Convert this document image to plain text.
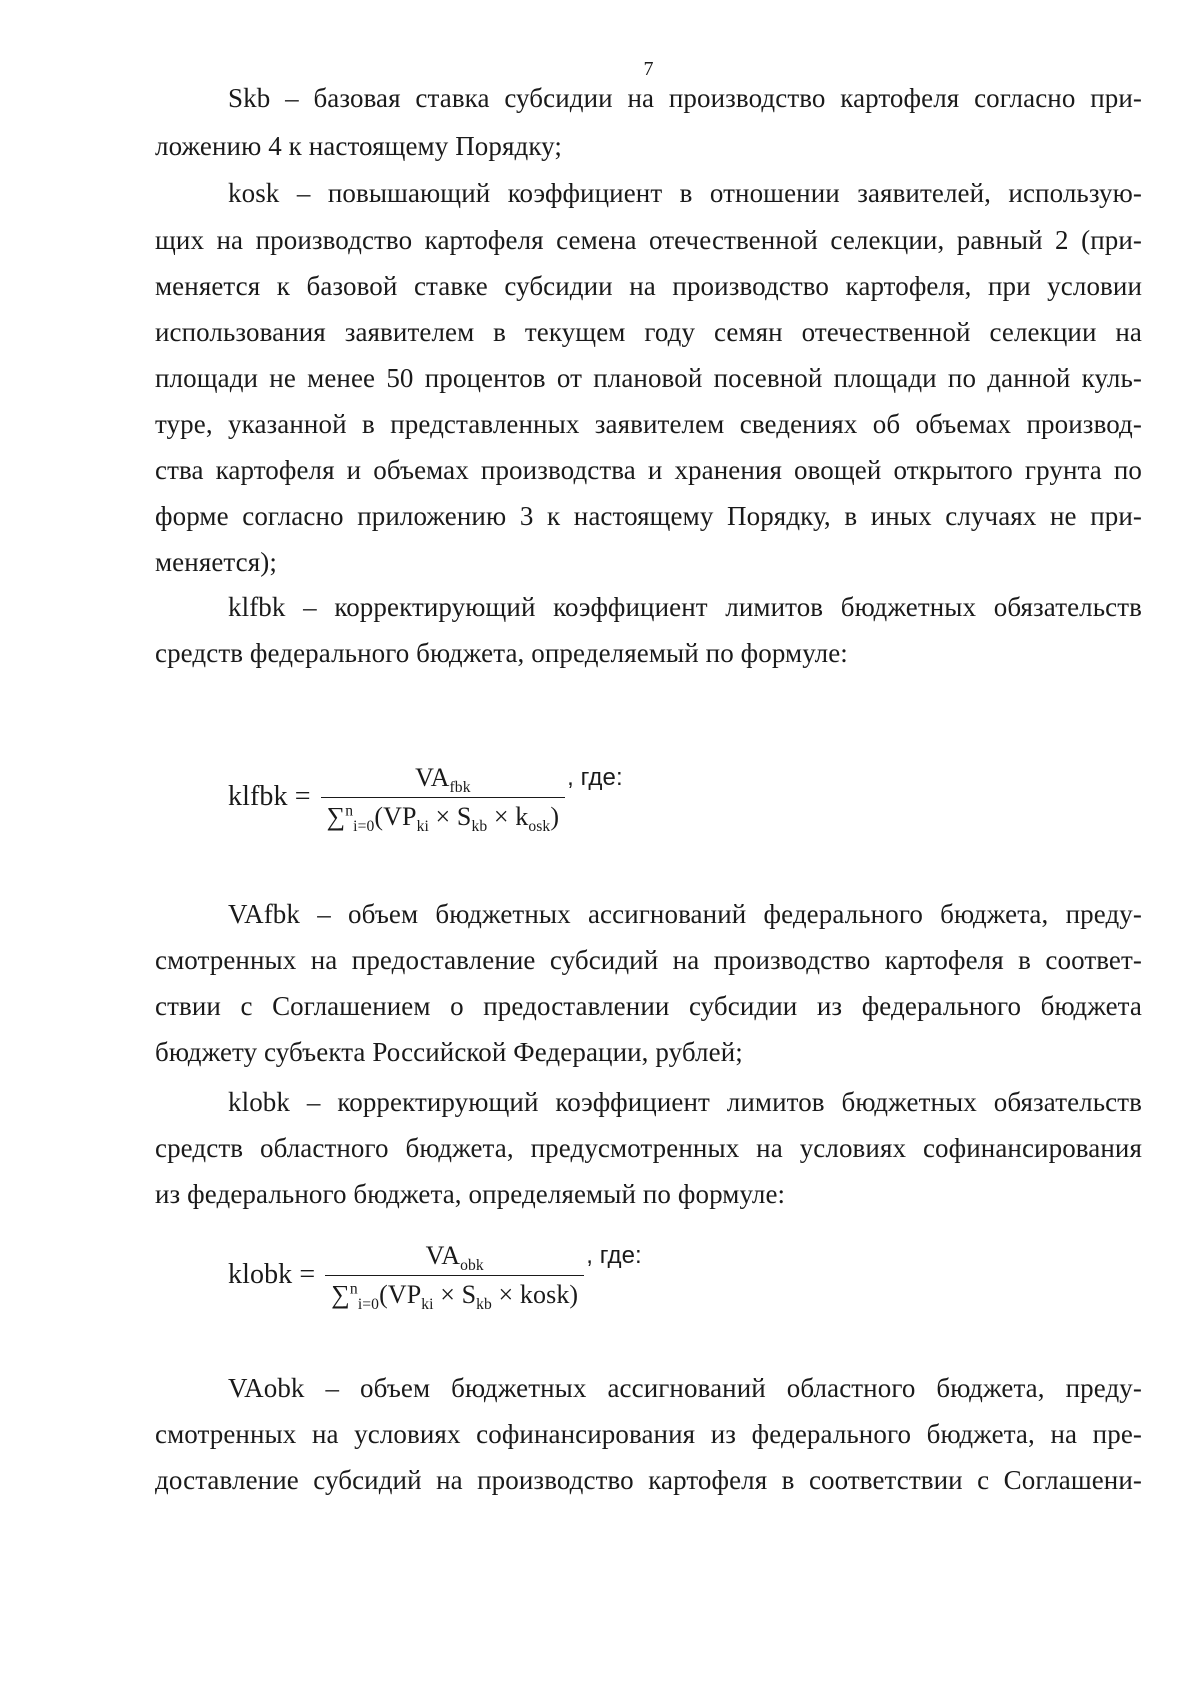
7
Skb – базовая ставка субсидии на производство картофеля согласно при-
ложению 4 к настоящему Порядку;
kosk – повышающий коэффициент в отношении заявителей, использую-
щих на производство картофеля семена отечественной селекции, равный 2 (при-
меняется к базовой ставке субсидии на производство картофеля, при условии
использования заявителем в текущем году семян отечественной селекции на
площади не менее 50 процентов от плановой посевной площади по данной куль-
туре, указанной в представленных заявителем сведениях об объемах производ-
ства картофеля и объемах производства и хранения овощей открытого грунта по
форме согласно приложению 3 к настоящему Порядку, в иных случаях не при-
меняется);
klfbk – корректирующий коэффициент лимитов бюджетных обязательств
средств федерального бюджета, определяемый по формуле:
klfbk = $\frac{VA_{fbk}}{\sum^n_{i=0}(VP_{ki} \times S_{kb} \times k_{osk})}$ , где:
VAfbk – объем бюджетных ассигнований федерального бюджета, преду-
смотренных на предоставление субсидий на производство картофеля в соответ-
ствии с Соглашением о предоставлении субсидии из федерального бюджета
бюджету субъекта Российской Федерации, рублей;
klobk – корректирующий коэффициент лимитов бюджетных обязательств
средств областного бюджета, предусмотренных на условиях софинансирования
из федерального бюджета, определяемый по формуле:
klobk = $\frac{VA_{obk}}{\sum^n_{i=0}(VP_{ki} \times S_{kb} \times kosk)}$ , где:
VAobk – объем бюджетных ассигнований областного бюджета, преду-
смотренных на условиях софинансирования из федерального бюджета, на пре-
доставление субсидий на производство картофеля в соответствии с Соглашени-
